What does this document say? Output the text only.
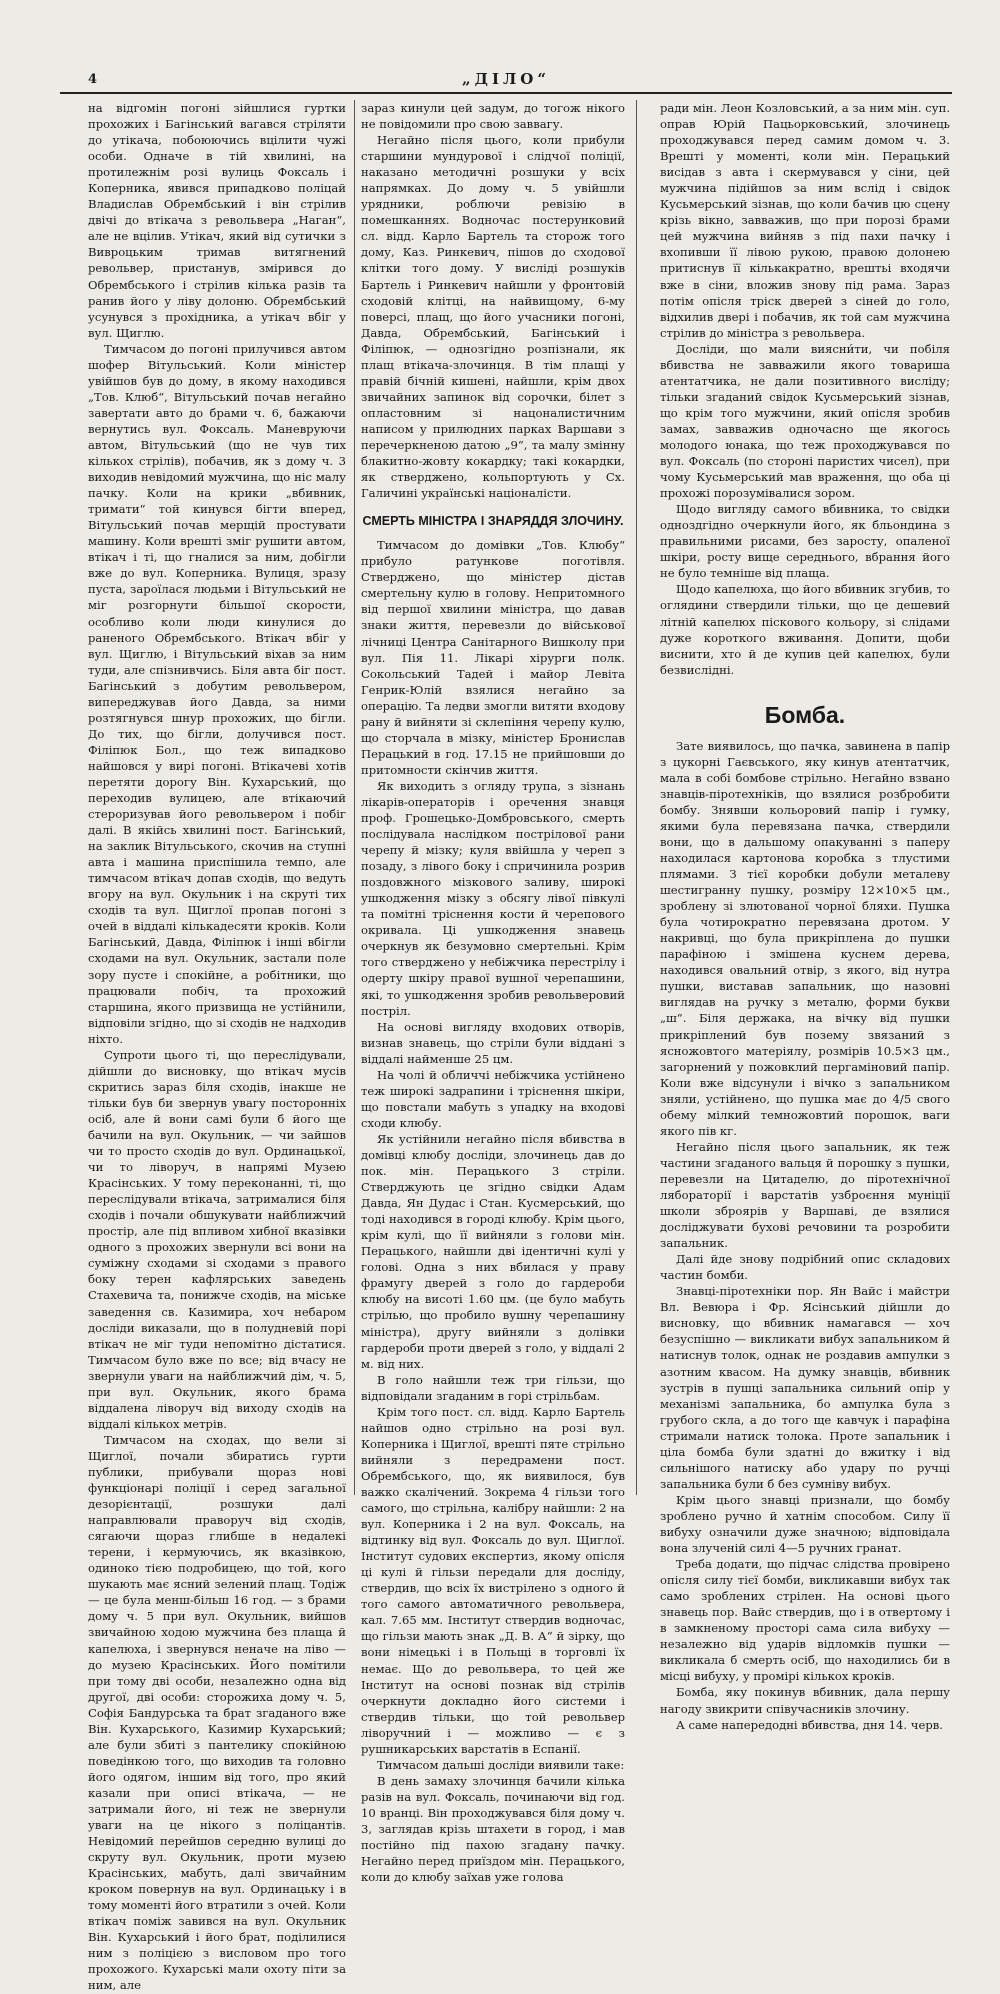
4	„ДІЛО“

на відгомін погоні зійшлися гуртки прохожих і Багінський вагався стріляти до утікача, побоюючись вцілити чужі особи. Одначе в тій хвилині, на протилежнім розі вулиць Фоксаль і Коперника, явився припадково поліцай Владислав Обрембський і він стрілив двічі до втікача з револьвера „Наган“, але не вцілив. Утікач, який від сутички з Вивроцьким тримав витягнений револьвер, пристанув, змірився до Обрембського і стрілив кілька разів та ранив його у ліву долоню. Обрембський усунувся з прохідника, а утікач вбіг у вул. Щиглю.

Тимчасом до погоні прилучився автом шофер Вітульський. Коли міністер увійшов був до дому, в якому находився „Тов. Клюб“, Вітульський почав негайно завертати авто до брами ч. 6, бажаючи вернутись вул. Фоксаль. Маневруючи автом, Вітульський (що не чув тих кількох стрілів), побачив, як з дому ч. 3 виходив невідомий мужчина, що ніс малу пачку. Коли на крики „вбивник, тримати“ той кинувся бігти вперед, Вітульський почав мерщій простувати машину. Коли врешті зміг рушити автом, втікач і ті, що гналися за ним, добігли вже до вул. Коперника. Вулиця, зразу пуста, зароїлася людьми і Вітульський не міг розгорнути більшої скорости, особливо коли люди кинулися до раненого Обрембського. Втікач вбіг у вул. Щиглю, і Вітульський віхав за ним туди, але спізнивчись. Біля авта біг пост. Багінський з добутим револьвером, випереджував його Давда, за ними розтягнувся шнур прохожих, що бігли. До тих, що бігли, долучився пост. Філіпюк Бол., що теж випадково найшовся у вирі погоні. Втікачеві хотів перетяти дорогу Він. Кухарський, що переходив вулицею, але втікаючий стероризував його револьвером і побіг далі. В якійсь хвилині пост. Багінський, на заклик Вітульського, скочив на ступні авта і машина приспішила темпо, але тимчасом втікач допав сходів, що ведуть вгору на вул. Окульник і на скруті тих сходів та вул. Щиглої пропав погоні з очей в віддалі кількадесяти кроків. Коли Багінський, Давда, Філіпюк і інші вбігли сходами на вул. Окульник, застали поле зору пусте і спокійне, а робітники, що працювали побіч, та прохожий старшина, якого призвища не устійнили, відповіли згідно, що зі сходів не надходив ніхто.

Супроти цього ті, що переслідували, дійшли до висновку, що втікач мусів скритись зараз біля сходів, інакше не тільки був би звернув увагу посторонніх осіб, але й вони самі були б його ще бачили на вул. Окульник, — чи зайшов чи то просто сходів до вул. Ординацької, чи то ліворуч, в напрямі Музею Красінських. У тому переконанні, ті, що переслідували втікача, затрималися біля сходів і почали обшукувати найближчий простір, але під впливом хибної вказівки одного з прохожих звернули всі вони на суміжну сходами зі сходами з правого боку терен кафлярських заведень Стахевича та, понижче сходів, на міське заведення св. Казимира, хоч небаром досліди виказали, що в полудневій порі втікач не міг туди непомітно дістатися. Тимчасом було вже по все; від вчасу не звернули уваги на найближчий дім, ч. 5, при вул. Окульник, якого брама віддалена ліворуч від виходу сходів на віддалі кількох метрів.

Тимчасом на сходах, що вели зі Щиглої, почали збиратись гурти публики, прибували щораз нові функціонарі поліції і серед загальної дезорієнтації, розшуки далі направлювали праворуч від сходів, сягаючи щораз глибше в недалекі терени, і кермуючись, як вказівкою, одиноко тією подробицею, що той, кого шукають має ясний зелений плащ. Тодіж — це була менш-більш 16 год. — з брами дому ч. 5 при вул. Окульник, вийшов звичайною ходою мужчина без плаща й капелюха, і звернувся неначе на ліво — до музею Красінських. Його помітили при тому дві особи, незалежно одна від другої, дві особи: сторожиха дому ч. 5, Софія Бандурська та брат згаданого вже Він. Кухарського, Казимир Кухарський; але були збиті з пантелику спокійною поведінкою того, що виходив та головно його одягом, іншим від того, про який казали при описі втікача, — не затримали його, ні теж не звернули уваги на це нікого з поліцантів. Невідомий перейшов середню вулиці до скруту вул. Окульник, проти музею Красінських, мабуть, далі звичайним кроком повернув на вул. Ординацьку і в тому моменті його втратили з очей. Коли втікач поміж завився на вул. Окульник Він. Кухарський і його брат, поділилися ним з поліцією з висловом про того прохожого. Кухарські мали охоту піти за ним, але

зараз кинули цей задум, до тогож нікого не повідомили про свою заввагу.

Негайно після цього, коли прибули старшини мундурової і слідчої поліції, наказано методичні розшуки у всіх напрямках. До дому ч. 5 увійшли урядники, роблючи ревізію в помешканнях. Водночас постерунковий сл. відд. Карло Бартель та сторож того дому, Каз. Ринкевич, пішов до сходової клітки того дому. У висліді розшуків Бартель і Ринкевич найшли у фронтовій сходовій клітці, на найвищому, 6-му поверсі, плащ, що його учасники погоні, Давда, Обрембський, Багінський і Філіпюк, — однозгідно розпізнали, як плащ втікача-злочинця. В тім плащі у правій бічній кишені, найшли, крім двох звичайних запинок від сорочки, білет з опластовним зі нацоналистичним написом у прилюдних парках Варшави з перечеркненою датою „9“, та малу змінну блакитно-жовту кокардку; такі кокардки, як стверджено, кольпортують у Сх. Галичині українські націоналісти.

СМЕРТЬ МІНІСТРА І ЗНАРЯДДЯ ЗЛОЧИНУ.

Тимчасом до домівки „Тов. Клюбу“ прибуло ратункове поготівля. Стверджено, що міністер дістав смертельну кулю в голову. Непритомного від першої хвилини міністра, що давав знаки життя, перевезли до військової лічниці Центра Санітарного Вишколу при вул. Пія 11. Лікарі хірурги полк. Сокольський Тадей і майор Левіта Генрик-Юлій взялися негайно за операцію. Та ледви змогли витяти входову рану й вийняти зі склепіння черепу кулю, що сторчала в мізку, міністер Бронислав Перацький в год. 17.15 не прийшовши до притомности скінчив життя.

Як виходить з огляду трупа, з зізнань лікарів-операторів і оречення знавця проф. Грошецько-Домбровського, смерть послідувала наслідком пострілової рани черепу й мізку; куля ввійшла у череп з позаду, з лівого боку і спричинила розрив поздовжного мізкового заливу, широкі ушкодження мізку з обсягу лівої півкулі та помітні тріснення кости й черепового окривала. Ці ушкодження знавець очеркнув як безумовно смертельні. Крім того стверджено у небіжчика перестрілу і одерту шкіру правої вушної черепашини, які, то ушкодження зробив револьверовий постріл.

На основі вигляду входових отворів, визнав знавець, що стріли були віддані з віддалі найменше 25 цм.

На чолі й обличчі небіжчика устійнено теж широкі задрапини і тріснення шкіри, що повстали мабуть з упадку на входові сходи клюбу.

Як устійнили негайно після вбивства в домівці клюбу досліди, злочинець дав до пок. мін. Перацького 3 стріли. Стверджують це згідно свідки Адам Давда, Ян Дудас і Стан. Кусмерський, що тоді находився в городі клюбу. Крім цього, крім кулі, що її вийняли з голови мін. Перацького, найшли дві ідентичні кулі у голові. Одна з них вбилася у праву фрамугу дверей з голо до гардероби клюбу на висоті 1.60 цм. (це було мабуть стрілью, що пробило вушну черепашину міністра), другу вийняли з долівки гардероби проти дверей з голо, у віддалі 2 м. від них.

В голо найшли теж три гільзи, що відповідали згаданим в горі стрільбам.

Крім того пост. сл. відд. Карло Бартель найшов одно стрільно на розі вул. Коперника і Щиглої, врешті пяте стрільно вийняли з передрамени пост. Обрембського, що, як виявилося, був важко скалічений. Зокрема 4 гільзи того самого, що стрільна, калібру найшли: 2 на вул. Коперника і 2 на вул. Фоксаль, на відтинку від вул. Фоксаль до вул. Щиглої. Інститут судових експертиз, якому опісля ці кулі й гільзи передали для досліду, ствердив, що всіх їх вистрілено з одного й того самого автоматичного револьвера, кал. 7.65 мм. Інститут ствердив водночас, що гільзи мають знак „Д. В. А“ й зірку, що вони німецькі і в Польщі в торговлі їх немає. Що до револьвера, то цей же Інститут на основі познак від стрілів очеркнути докладно його системи і ствердив тільки, що той револьвер ліворучний і — можливо — є з рушникарських варстатів в Еспанії.

Тимчасом дальші досліди виявили таке:

В день замаху злочинця бачили кілька разів на вул. Фоксаль, починаючи від год. 10 вранці. Він проходжувався біля дому ч. 3, заглядав крізь штахети в город, і мав постійно під пахою згадану пачку. Негайно перед приїздом мін. Перацького, коли до клюбу заїхав уже голова

ради мін. Леон Козловський, а за ним мін. суп. оправ Юрій Пацьорковський, злочинець проходжувався перед самим домом ч. 3. Врешті у моменті, коли мін. Перацький висідав з авта і скермувався у сіни, цей мужчина підійшов за ним вслід і свідок Кусьмерський зізнав, що коли бачив цю сцену крізь вікно, завважив, що при порозі брами цей мужчина вийняв з під пахи пачку і вхопивши її лівою рукою, правою долонею притиснув її кількакратно, врештьі входячи вже в сіни, вложив знову під рама. Зараз потім опісля тріск дверей з сіней до голо, відхилив двері і побачив, як той сам мужчина стрілив до міністра з револьвера.

Досліди, що мали виясни́ти, чи побіля вбивства не завважили якого товариша атентатчика, не дали позитивного висліду; тільки згаданий свідок Кусьмерський зізнав, що крім того мужчини, який опісля зробив замах, завважив одночасно ще якогось молодого юнака, що теж проходжувався по вул. Фоксаль (по стороні паристих чисел), при чому Кусьмерський мав враження, що оба ці прохожі порозумівалися зором.

Щодо вигляду самого вбивника, то свідки одноздгідно очеркнули його, як бльондина з правильними рисами, без заросту, опаленої шкіри, росту вище середнього, вбрання його не було темніше від плаща.

Щодо капелюха, що його вбивник згубив, то оглядини ствердили тільки, що це дешевий літній капелюх піскового кольору, зі слідами дуже короткого вживання. Допити, щоби виснити, хто й де купив цей капелюх, були безвислідні.

Бомба.

Зате виявилось, що пачка, завинена в папір з цукорні Гаєвського, яку кинув атентатчик, мала в собі бомбове стрільно. Негайно взвано знавців-піротехніків, що взялися розбробити бомбу. Знявши кольоровий папір і гумку, якими була перевязана пачка, ствердили вони, що в дальшому опакуванні з паперу находилася картонова коробка з тлустими плямами. З тієї коробки добули металеву шестигранну пушку, розміру 12×10×5 цм., зроблену зі злютованої чорної бляхи. Пушка була чотирократно перевязана дротом. У накривці, що була прикріплена до пушки парафіною і змішена куснем дерева, находився овальний отвір, з якого, від нутра пушки, виставав запальник, що назовні виглядав на ручку з металю, форми букви „ш“. Біля держака, на вічку від пушки прикріплений був позему звязаний з ясножовтого матеріялу, розмірів 10.5×3 цм., загорнений у пожовклий пергаміновий папір. Коли вже відсунули і вічко з запальником зняли, устійнено, що пушка має до 4/5 свого обему мілкий темножовтий порошок, ваги якого пів кг.

Негайно після цього запальник, як теж частини згаданого вальця й порошку з пушки, перевезли на Цитаделю, до піротехнічної лябораторії і варстатів узброєння муніції школи зброярів у Варшаві, де взялися досліджувати бухові речовини та розробити запальник.

Далі йде знову подрібний опис складових частин бомби.

Знавці-піротехніки пор. Ян Вайс і майстри Вл. Вевюра і Фр. Ясінський дійшли до висновку, що вбивник намагався — хоч безуспішно — викликати вибух запальником й натиснув толок, однак не роздавив ампулки з азотним квасом. На думку знавців, вбивник зустрів в пушці запальника сильний опір у механізмі запальника, бо ампулка була з грубого скла, а до того ще кавчук і парафіна стримали натиск толока. Проте запальник і ціла бомба були здатні до вжитку і від сильнішого натиску або удару по ручці запальника були б без сумніву вибух.

Крім цього знавці признали, що бомбу зроблено ручно й хатнім способом. Силу її вибуху означили дуже значною; відповідала вона злученій силі 4—5 ручних гранат.

Треба додати, що підчас слідства провірено опісля силу тієї бомби, викликавши вибух так само зроблених стрілен. На основі цього знавець пор. Вайс ствердив, що і в отвертому і в замкненому просторі сама сила вибуху — незалежно від ударів відломків пушки — викликала б смерть осіб, що находились би в місці вибуху, у промірі кількох кроків.

Бомба, яку покинув вбивник, дала першу нагоду звикрити співучасників злочину.

А саме напередодні вбивства, дня 14. черв.
